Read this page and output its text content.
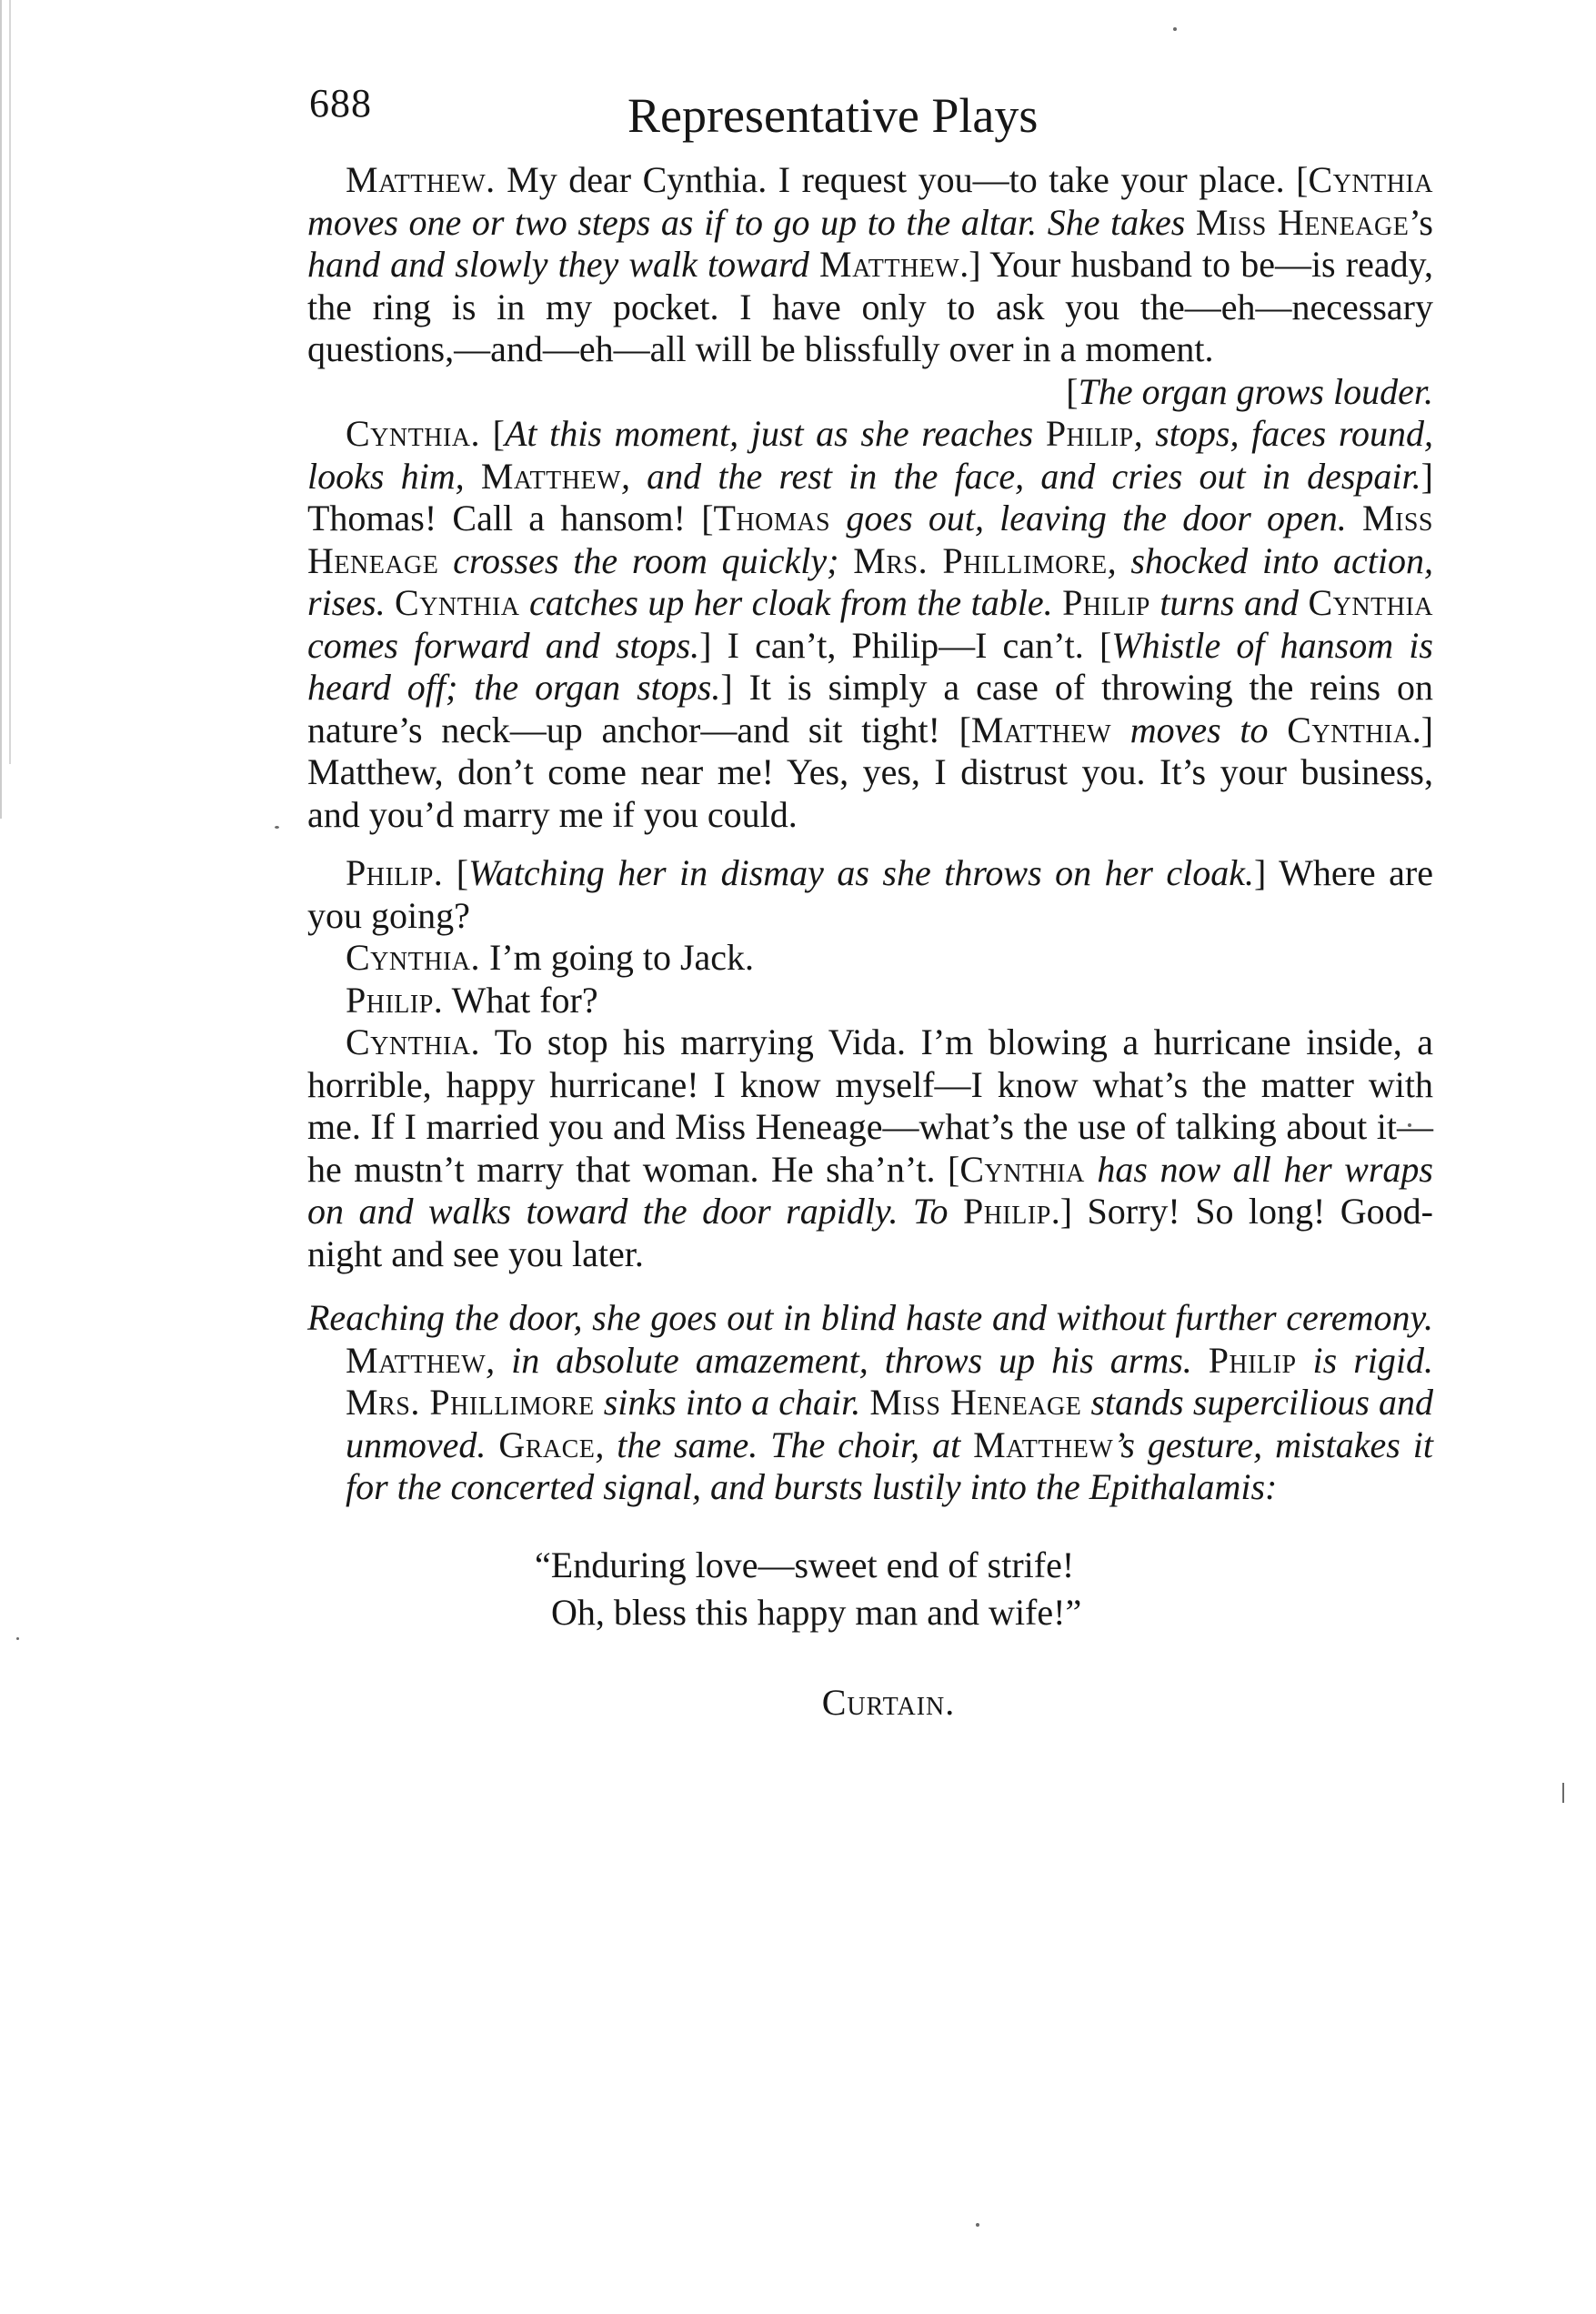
688	Representative Plays

Matthew. My dear Cynthia. I request you—to take your place. [Cynthia moves one or two steps as if to go up to the altar. She takes Miss Heneage’s hand and slowly they walk toward Matthew.] Your husband to be—is ready, the ring is in my pocket. I have only to ask you the—eh—necessary questions,—and—eh—all will be blissfully over in a moment.

[The organ grows louder.

Cynthia. [At this moment, just as she reaches Philip, stops, faces round, looks him, Matthew, and the rest in the face, and cries out in despair.] Thomas! Call a hansom! [Thomas goes out, leaving the door open. Miss Heneage crosses the room quickly; Mrs. Phillimore, shocked into action, rises. Cynthia catches up her cloak from the table. Philip turns and Cynthia comes forward and stops.] I can’t, Philip—I can’t. [Whistle of hansom is heard off; the organ stops.] It is simply a case of throwing the reins on nature’s neck—up anchor—and sit tight! [Matthew moves to Cynthia.] Matthew, don’t come near me! Yes, yes, I distrust you. It’s your business, and you’d marry me if you could.

Philip. [Watching her in dismay as she throws on her cloak.] Where are you going?

Cynthia. I’m going to Jack.

Philip. What for?

Cynthia. To stop his marrying Vida. I’m blowing a hurricane inside, a horrible, happy hurricane! I know myself—I know what’s the matter with me. If I married you and Miss Heneage—what’s the use of talking about it—he mustn’t marry that woman. He sha’n’t. [Cynthia has now all her wraps on and walks toward the door rapidly. To Philip.] Sorry! So long! Good-night and see you later.

Reaching the door, she goes out in blind haste and without further ceremony. Matthew, in absolute amazement, throws up his arms. Philip is rigid. Mrs. Phillimore sinks into a chair. Miss Heneage stands supercilious and unmoved. Grace, the same. The choir, at Matthew’s gesture, mistakes it for the concerted signal, and bursts lustily into the Epithalamis:

“Enduring love—sweet end of strife!
Oh, bless this happy man and wife!”

Curtain.
